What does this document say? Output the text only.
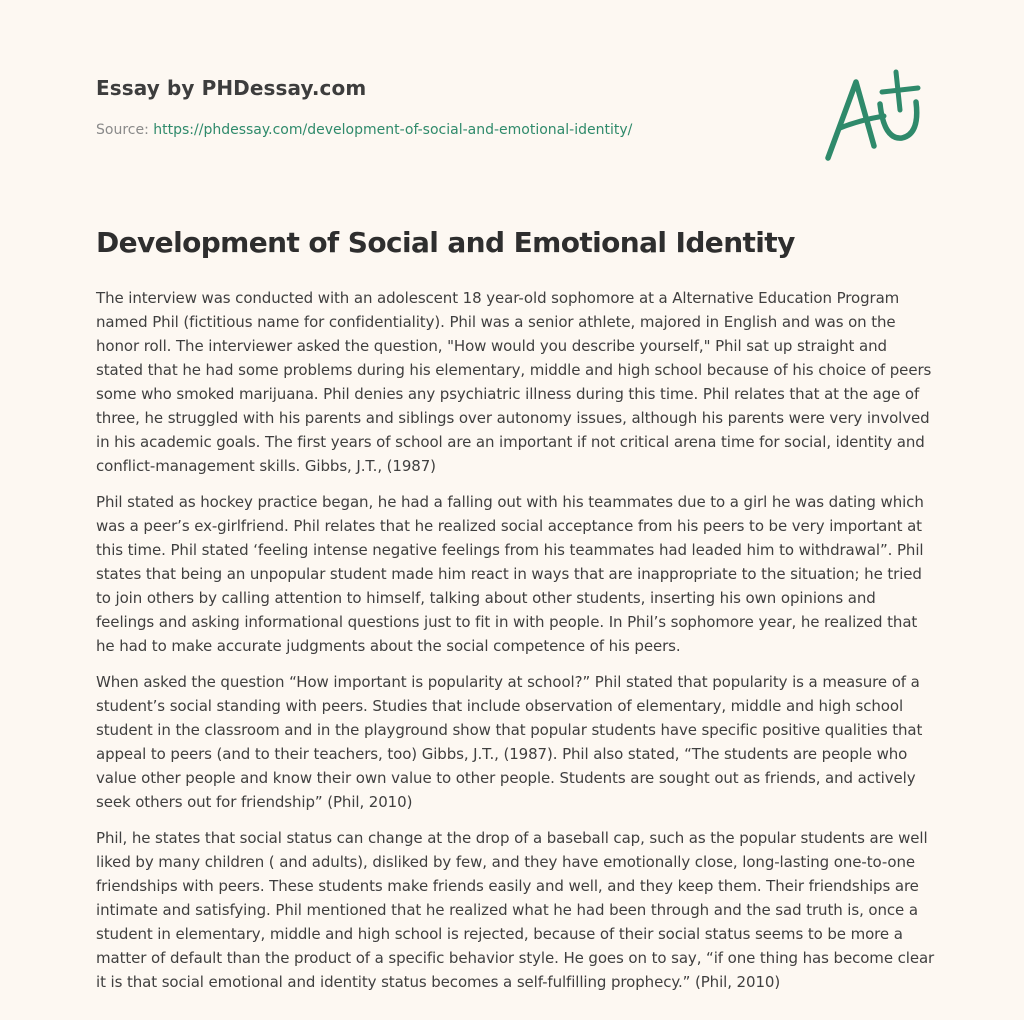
Essay by PHDessay.com

Source: https://phdessay.com/development-of-social-and-emotional-identity/
Development of Social and Emotional Identity

The interview was conducted with an adolescent 18 year-old sophomore at a Alternative Education Program named Phil (fictitious name for confidentiality). Phil was a senior athlete, majored in English and was on the honor roll. The interviewer asked the question, "How would you describe yourself," Phil sat up straight and stated that he had some problems during his elementary, middle and high school because of his choice of peers some who smoked marijuana. Phil denies any psychiatric illness during this time. Phil relates that at the age of three, he struggled with his parents and siblings over autonomy issues, although his parents were very involved in his academic goals. The first years of school are an important if not critical arena time for social, identity and conflict-management skills. Gibbs, J.T., (1987)

Phil stated as hockey practice began, he had a falling out with his teammates due to a girl he was dating which was a peer’s ex-girlfriend. Phil relates that he realized social acceptance from his peers to be very important at this time. Phil stated ‘feeling intense negative feelings from his teammates had leaded him to withdrawal”. Phil states that being an unpopular student made him react in ways that are inappropriate to the situation; he tried to join others by calling attention to himself, talking about other students, inserting his own opinions and feelings and asking informational questions just to fit in with people. In Phil’s sophomore year, he realized that he had to make accurate judgments about the social competence of his peers.

When asked the question “How important is popularity at school?” Phil stated that popularity is a measure of a student’s social standing with peers. Studies that include observation of elementary, middle and high school student in the classroom and in the playground show that popular students have specific positive qualities that appeal to peers (and to their teachers, too) Gibbs, J.T., (1987). Phil also stated, “The students are people who value other people and know their own value to other people. Students are sought out as friends, and actively seek others out for friendship” (Phil, 2010)

Phil, he states that social status can change at the drop of a baseball cap, such as the popular students are well liked by many children ( and adults), disliked by few, and they have emotionally close, long-lasting one-to-one friendships with peers. These students make friends easily and well, and they keep them. Their friendships are intimate and satisfying. Phil mentioned that he realized what he had been through and the sad truth is, once a student in elementary, middle and high school is rejected, because of their social status seems to be more a matter of default than the product of a specific behavior style. He goes on to say, “if one thing has become clear it is that social emotional and identity status becomes a self-fulfilling prophecy.” (Phil, 2010)
